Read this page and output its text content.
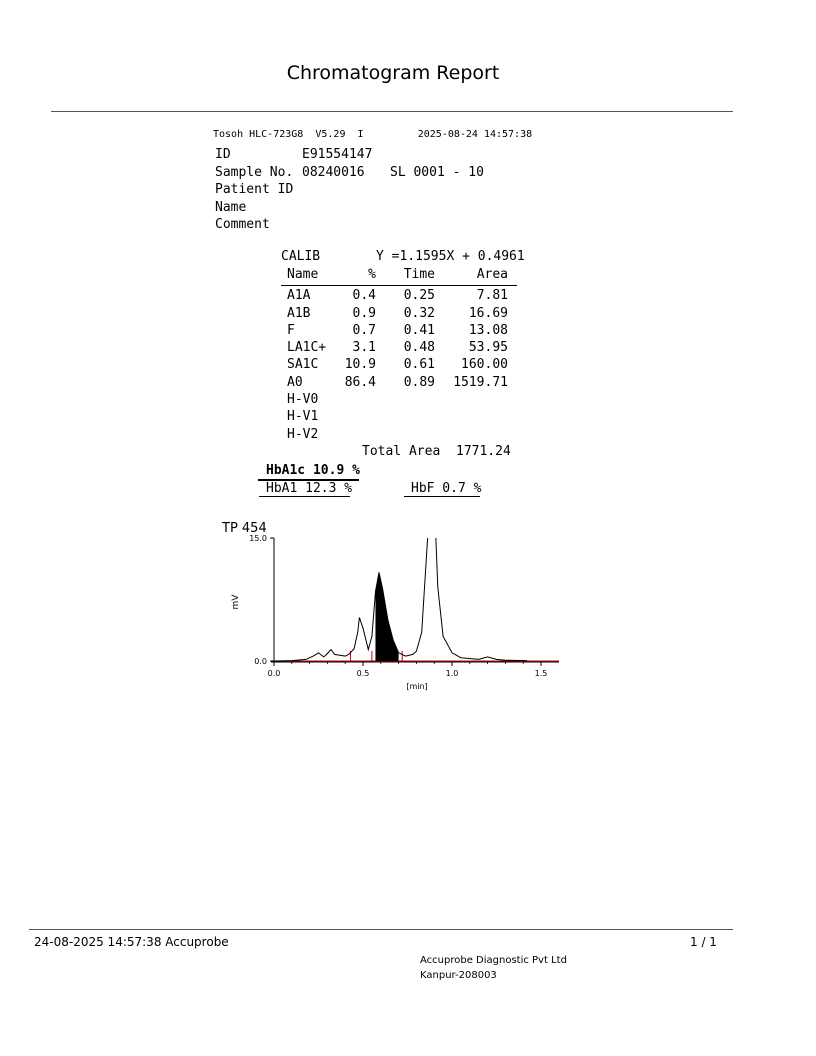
Chromatogram Report
Tosoh HLC-723G8 V5.29 I	2025-08-24 14:57:38
ID	E91554147
Sample No. 08240016 SL 0001 - 10
Patient ID
Name
Comment
CALIB	Y =1.1595X + 0.4961
Name	% Time	Area
A1A	0.4 0.25	7.81
A1B	0.9 0.32	16.69
F	0.7 0.41	13.08
LA1C+ 3.1 0.48	53.95
SA1C 10.9 0.61 160.00
A0	86.4 0.89 1519.71
H-V0
H-V1
H-V2
Total Area 1771.24
HbA1c 10.9 %
HbA1 12.3 %	HbF 0.7 %
TP 454
mV
[min]
0.0
15.0
0.0	0.5	1.0	1.5
24-08-2025 14:57:38 Accuprobe	1 / 1
Accuprobe Diagnostic Pvt Ltd
Kanpur-208003
